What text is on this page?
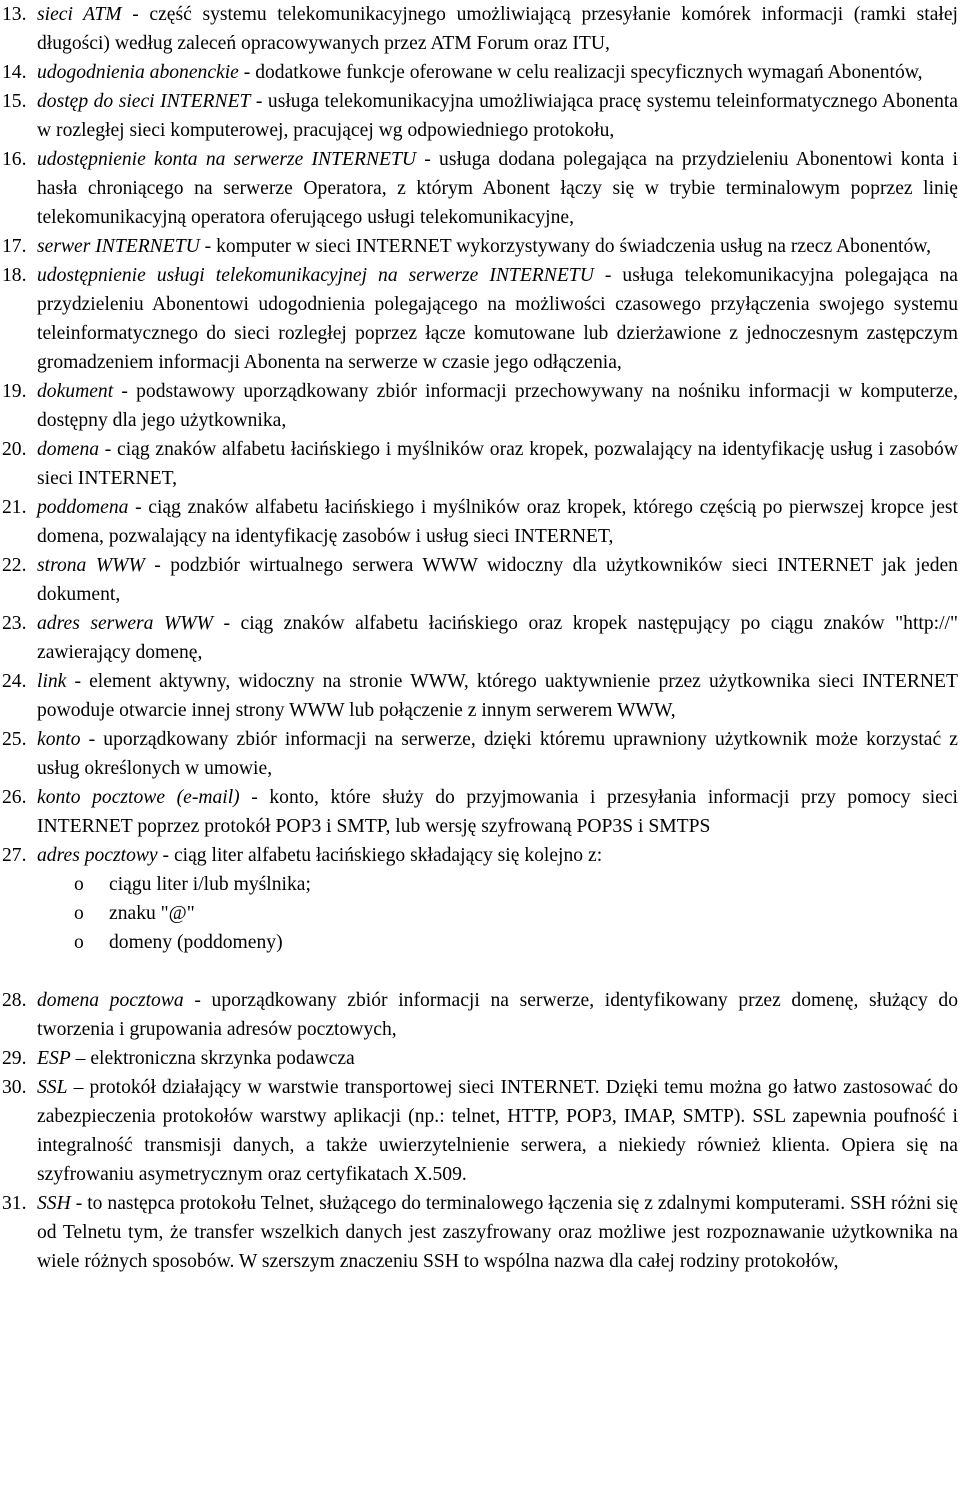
13. sieci ATM - część systemu telekomunikacyjnego umożliwiającą przesyłanie komórek informacji (ramki stałej długości) według zaleceń opracowywanych przez ATM Forum oraz ITU,
14. udogodnienia abonenckie - dodatkowe funkcje oferowane w celu realizacji specyficznych wymagań Abonentów,
15. dostęp do sieci INTERNET - usługa telekomunikacyjna umożliwiająca pracę systemu teleinformatycznego Abonenta w rozległej sieci komputerowej, pracującej wg odpowiedniego protokołu,
16. udostępnienie konta na serwerze INTERNETU - usługa dodana polegająca na przydzieleniu Abonentowi konta i hasła chroniącego na serwerze Operatora, z którym Abonent łączy się w trybie terminalowym poprzez linię telekomunikacyjną operatora oferującego usługi telekomunikacyjne,
17. serwer INTERNETU - komputer w sieci INTERNET wykorzystywany do świadczenia usług na rzecz Abonentów,
18. udostępnienie usługi telekomunikacyjnej na serwerze INTERNETU - usługa telekomunikacyjna polegająca na przydzieleniu Abonentowi udogodnienia polegającego na możliwości czasowego przyłączenia swojego systemu teleinformatycznego do sieci rozległej poprzez łącze komutowane lub dzierżawione z jednoczesnym zastępczym gromadzeniem informacji Abonenta na serwerze w czasie jego odłączenia,
19. dokument - podstawowy uporządkowany zbiór informacji przechowywany na nośniku informacji w komputerze, dostępny dla jego użytkownika,
20. domena - ciąg znaków alfabetu łacińskiego i myślników oraz kropek, pozwalający na identyfikację usług i zasobów sieci INTERNET,
21. poddomena - ciąg znaków alfabetu łacińskiego i myślników oraz kropek, którego częścią po pierwszej kropce jest domena, pozwalający na identyfikację zasobów i usług sieci INTERNET,
22. strona WWW - podzbiór wirtualnego serwera WWW widoczny dla użytkowników sieci INTERNET jak jeden dokument,
23. adres serwera WWW - ciąg znaków alfabetu łacińskiego oraz kropek następujący po ciągu znaków "http://" zawierający domenę,
24. link - element aktywny, widoczny na stronie WWW, którego uaktywnienie przez użytkownika sieci INTERNET powoduje otwarcie innej strony WWW lub połączenie z innym serwerem WWW,
25. konto - uporządkowany zbiór informacji na serwerze, dzięki któremu uprawniony użytkownik może korzystać z usług określonych w umowie,
26. konto pocztowe (e-mail) - konto, które służy do przyjmowania i przesyłania informacji przy pomocy sieci INTERNET poprzez protokół POP3 i SMTP, lub wersję szyfrowaną POP3S i SMTPS
27. adres pocztowy - ciąg liter alfabetu łacińskiego składający się kolejno z:
o ciągu liter i/lub myślnika;
o znaku "@"
o domeny (poddomeny)
28. domena pocztowa - uporządkowany zbiór informacji na serwerze, identyfikowany przez domenę, służący do tworzenia i grupowania adresów pocztowych,
29. ESP – elektroniczna skrzynka podawcza
30. SSL – protokół działający w warstwie transportowej sieci INTERNET. Dzięki temu można go łatwo zastosować do zabezpieczenia protokołów warstwy aplikacji (np.: telnet, HTTP, POP3, IMAP, SMTP). SSL zapewnia poufność i integralność transmisji danych, a także uwierzytelnienie serwera, a niekiedy również klienta. Opiera się na szyfrowaniu asymetrycznym oraz certyfikatach X.509.
31. SSH - to następca protokołu Telnet, służącego do terminalowego łączenia się z zdalnymi komputerami. SSH różni się od Telnetu tym, że transfer wszelkich danych jest zaszyfrowany oraz możliwe jest rozpoznawanie użytkownika na wiele różnych sposobów. W szerszym znaczeniu SSH to wspólna nazwa dla całej rodziny protokołów,
